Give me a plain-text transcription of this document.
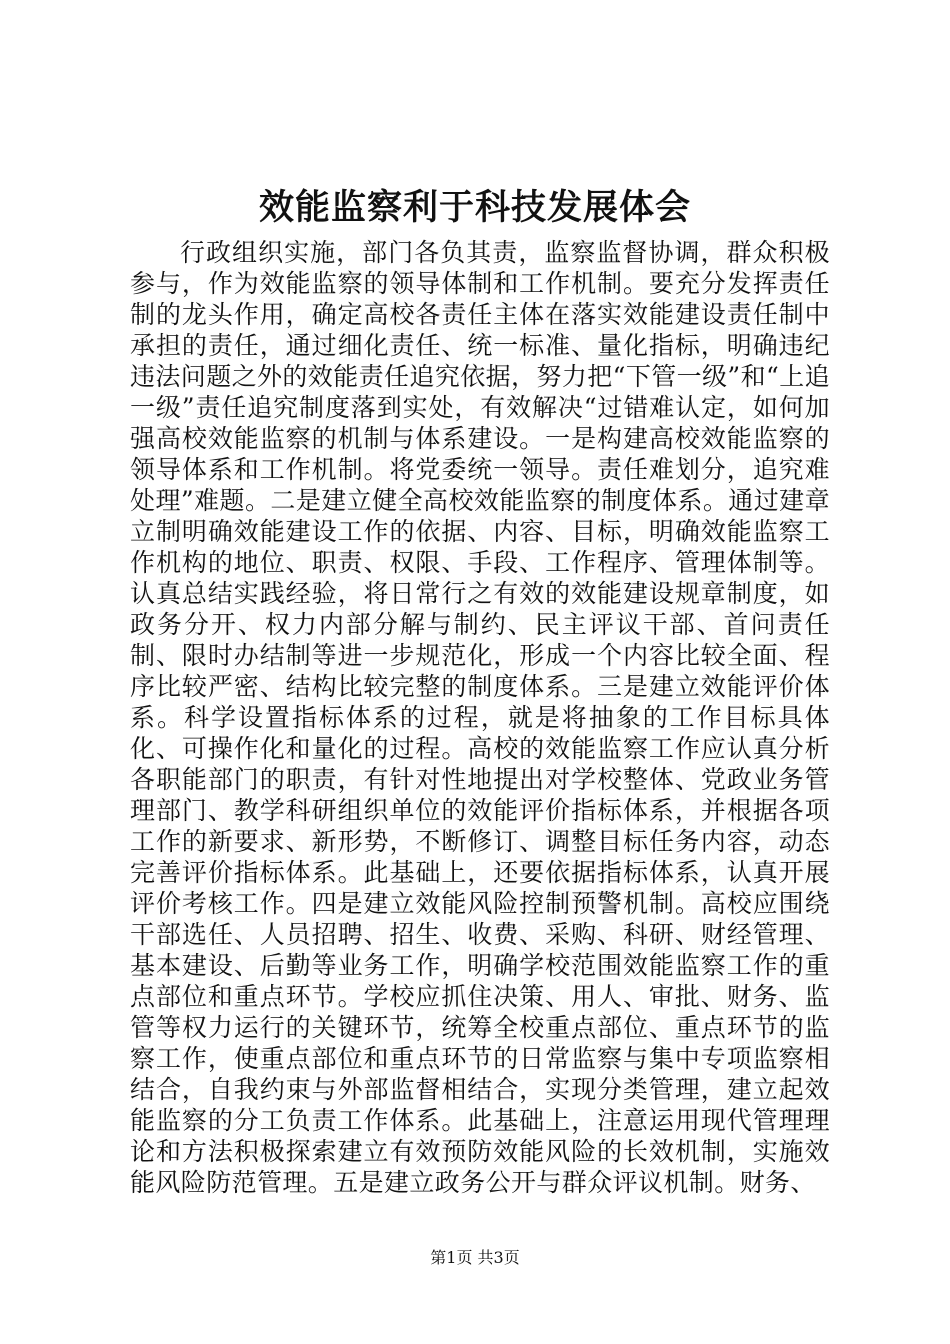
效能监察利于科技发展体会

行政组织实施，部门各负其责，监察监督协调，群众积极参与，作为效能监察的领导体制和工作机制。要充分发挥责任制的龙头作用，确定高校各责任主体在落实效能建设责任制中承担的责任，通过细化责任、统一标准、量化指标，明确违纪违法问题之外的效能责任追究依据，努力把“下管一级”和“上追一级”责任追究制度落到实处，有效解决“过错难认定，如何加强高校效能监察的机制与体系建设。一是构建高校效能监察的领导体系和工作机制。将党委统一领导。责任难划分，追究难处理”难题。二是建立健全高校效能监察的制度体系。通过建章立制明确效能建设工作的依据、内容、目标，明确效能监察工作机构的地位、职责、权限、手段、工作程序、管理体制等。认真总结实践经验，将日常行之有效的效能建设规章制度，如政务分开、权力内部分解与制约、民主评议干部、首问责任制、限时办结制等进一步规范化，形成一个内容比较全面、程序比较严密、结构比较完整的制度体系。三是建立效能评价体系。科学设置指标体系的过程，就是将抽象的工作目标具体化、可操作化和量化的过程。高校的效能监察工作应认真分析各职能部门的职责，有针对性地提出对学校整体、党政业务管理部门、教学科研组织单位的效能评价指标体系，并根据各项工作的新要求、新形势，不断修订、调整目标任务内容，动态完善评价指标体系。此基础上，还要依据指标体系，认真开展评价考核工作。四是建立效能风险控制预警机制。高校应围绕干部选任、人员招聘、招生、收费、采购、科研、财经管理、基本建设、后勤等业务工作，明确学校范围效能监察工作的重点部位和重点环节。学校应抓住决策、用人、审批、财务、监管等权力运行的关键环节，统筹全校重点部位、重点环节的监察工作，使重点部位和重点环节的日常监察与集中专项监察相结合，自我约束与外部监督相结合，实现分类管理，建立起效能监察的分工负责工作体系。此基础上，注意运用现代管理理论和方法积极探索建立有效预防效能风险的长效机制，实施效能风险防范管理。五是建立政务公开与群众评议机制。财务、

第1页 共3页
